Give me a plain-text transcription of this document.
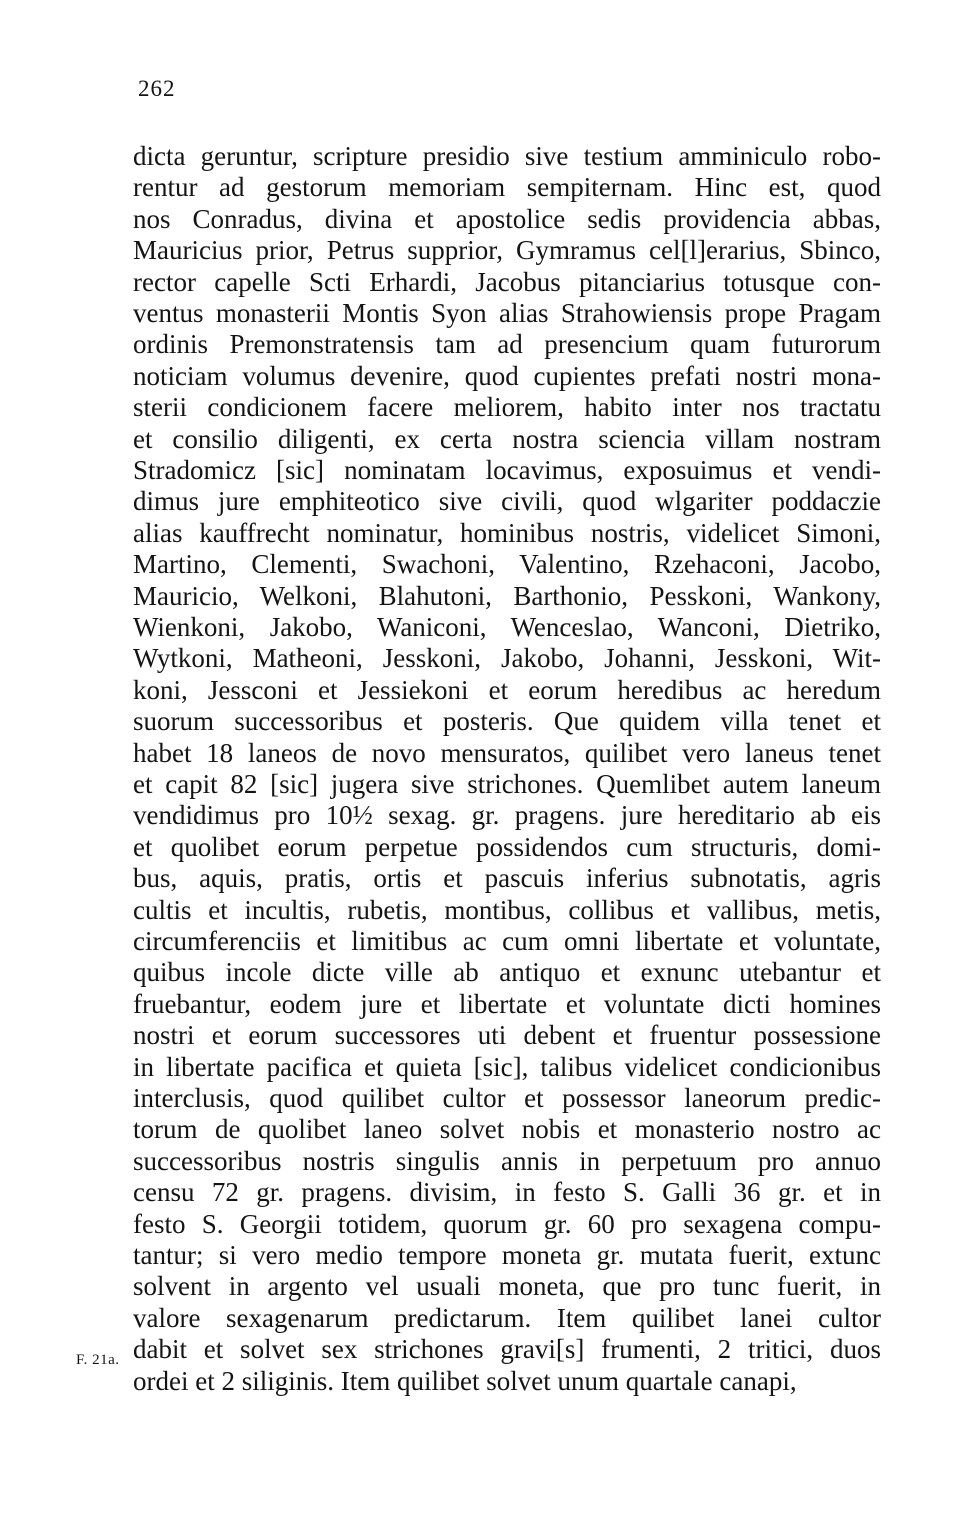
262
F. 21a.
dicta geruntur, scripture presidio sive testium amminiculo robo-
rentur ad gestorum memoriam sempiternam. Hinc est, quod
nos Conradus, divina et apostolice sedis providencia abbas,
Mauricius prior, Petrus supprior, Gymramus cel[l]erarius, Sbinco,
rector capelle Scti Erhardi, Jacobus pitanciarius totusque con-
ventus monasterii Montis Syon alias Strahowiensis prope Pragam
ordinis Premonstratensis tam ad presencium quam futurorum
noticiam volumus devenire, quod cupientes prefati nostri mona-
sterii condicionem facere meliorem, habito inter nos tractatu
et consilio diligenti, ex certa nostra sciencia villam nostram
Stradomicz [sic] nominatam locavimus, exposuimus et vendi-
dimus jure emphiteotico sive civili, quod wlgariter poddaczie
alias kauffrecht nominatur, hominibus nostris, videlicet Simoni,
Martino, Clementi, Swachoni, Valentino, Rzehaconi, Jacobo,
Mauricio, Welkoni, Blahutoni, Barthonio, Pesskoni, Wankony,
Wienkoni, Jakobo, Waniconi, Wenceslao, Wanconi, Dietriko,
Wytkoni, Matheoni, Jesskoni, Jakobo, Johanni, Jesskoni, Wit-
koni, Jessconi et Jessiekoni et eorum heredibus ac heredum
suorum successoribus et posteris. Que quidem villa tenet et
habet 18 laneos de novo mensuratos, quilibet vero laneus tenet
et capit 82 [sic] jugera sive strichones. Quemlibet autem laneum
vendidimus pro 10½ sexag. gr. pragens. jure hereditario ab eis
et quolibet eorum perpetue possidendos cum structuris, domi-
bus, aquis, pratis, ortis et pascuis inferius subnotatis, agris
cultis et incultis, rubetis, montibus, collibus et vallibus, metis,
circumferenciis et limitibus ac cum omni libertate et voluntate,
quibus incole dicte ville ab antiquo et exnunc utebantur et
fruebantur, eodem jure et libertate et voluntate dicti homines
nostri et eorum successores uti debent et fruentur possessione
in libertate pacifica et quieta [sic], talibus videlicet condicionibus
interclusis, quod quilibet cultor et possessor laneorum predic-
torum de quolibet laneo solvet nobis et monasterio nostro ac
successoribus nostris singulis annis in perpetuum pro annuo
censu 72 gr. pragens. divisim, in festo S. Galli 36 gr. et in
festo S. Georgii totidem, quorum gr. 60 pro sexagena compu-
tantur; si vero medio tempore moneta gr. mutata fuerit, extunc
solvent in argento vel usuali moneta, que pro tunc fuerit, in
valore sexagenarum predictarum. Item quilibet lanei cultor
dabit et solvet sex strichones gravi[s] frumenti, 2 tritici, duos
ordei et 2 siliginis. Item quilibet solvet unum quartale canapi,
